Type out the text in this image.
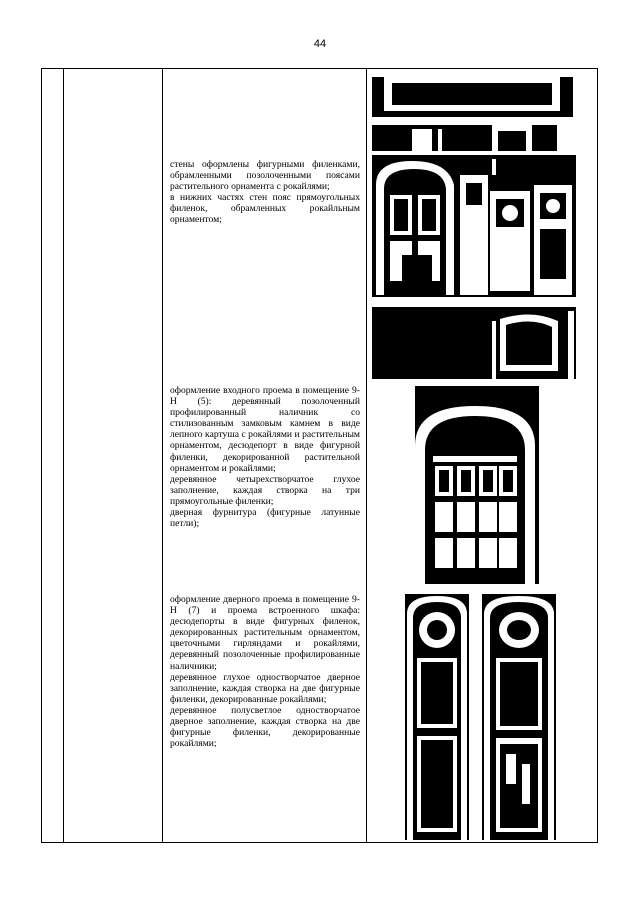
44

стены оформлены фигурными филенками, обрамленными позолоченными поясами растительного орнамента с рокайлями;

в нижних частях стен пояс прямоугольных филенок, обрамленных рокайльным орнаментом;

оформление входного проема в помещение 9-Н (5): деревянный позолоченный профилированный наличник со стилизованным замковым камнем в виде лепного картуша с рокайлями и растительным орнаментом, десюдепорт в виде фигурной филенки, декорированной растительной орнаментом и рокайлями;

деревянное четырехстворчатое глухое заполнение, каждая створка на три прямоугольные филенки;

дверная фурнитура (фигурные латунные петли);

оформление дверного проема в помещение 9-Н (7) и проема встроенного шкафа: десюдепорты в виде фигурных филенок, декорированных растительным орнаментом, цветочными гирляндами и рокайлями, деревянный позолоченные профилированные наличники;

деревянное глухое одностворчатое дверное заполнение, каждая створка на две фигурные филенки, декорированные рокайлями;

деревянное полусветлое одностворчатое дверное заполнение, каждая створка на две фигурные филенки, декорированные рокайлями;
